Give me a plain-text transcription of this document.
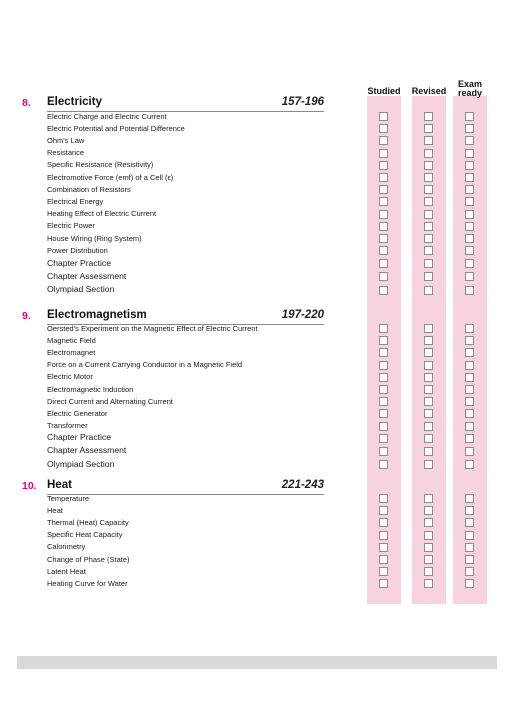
Studied	Revised
Exam
ready
8. Electricity	157-196
Electric Charge and Electric Current
Electric Potential and Potential Difference
Ohm's Law
Resistance
Specific Resistance (Resistivity)
Electromotive Force (emf) of a Cell (ε)
Combination of Resistors
Electrical Energy
Heating Effect of Electric Current
Electric Power
House Wiring (Ring System)
Power Distribution
Chapter Practice
Chapter Assessment
Olympiad Section
9. Electromagnetism	197-220
Oersted's Experiment on the Magnetic Effect of Electric Current
Magnetic Field
Electromagnet
Force on a Current Carrying Conductor in a Magnetic Field
Electric Motor
Electromagnetic Induction
Direct Current and Alternating Current
Electric Generator
Transformer
Chapter Practice
Chapter Assessment
Olympiad Section
10. Heat	221-243
Temperature
Heat
Thermal (Heat) Capacity
Specific Heat Capacity
Calorimetry
Change of Phase (State)
Latent Heat
Heating Curve for Water
